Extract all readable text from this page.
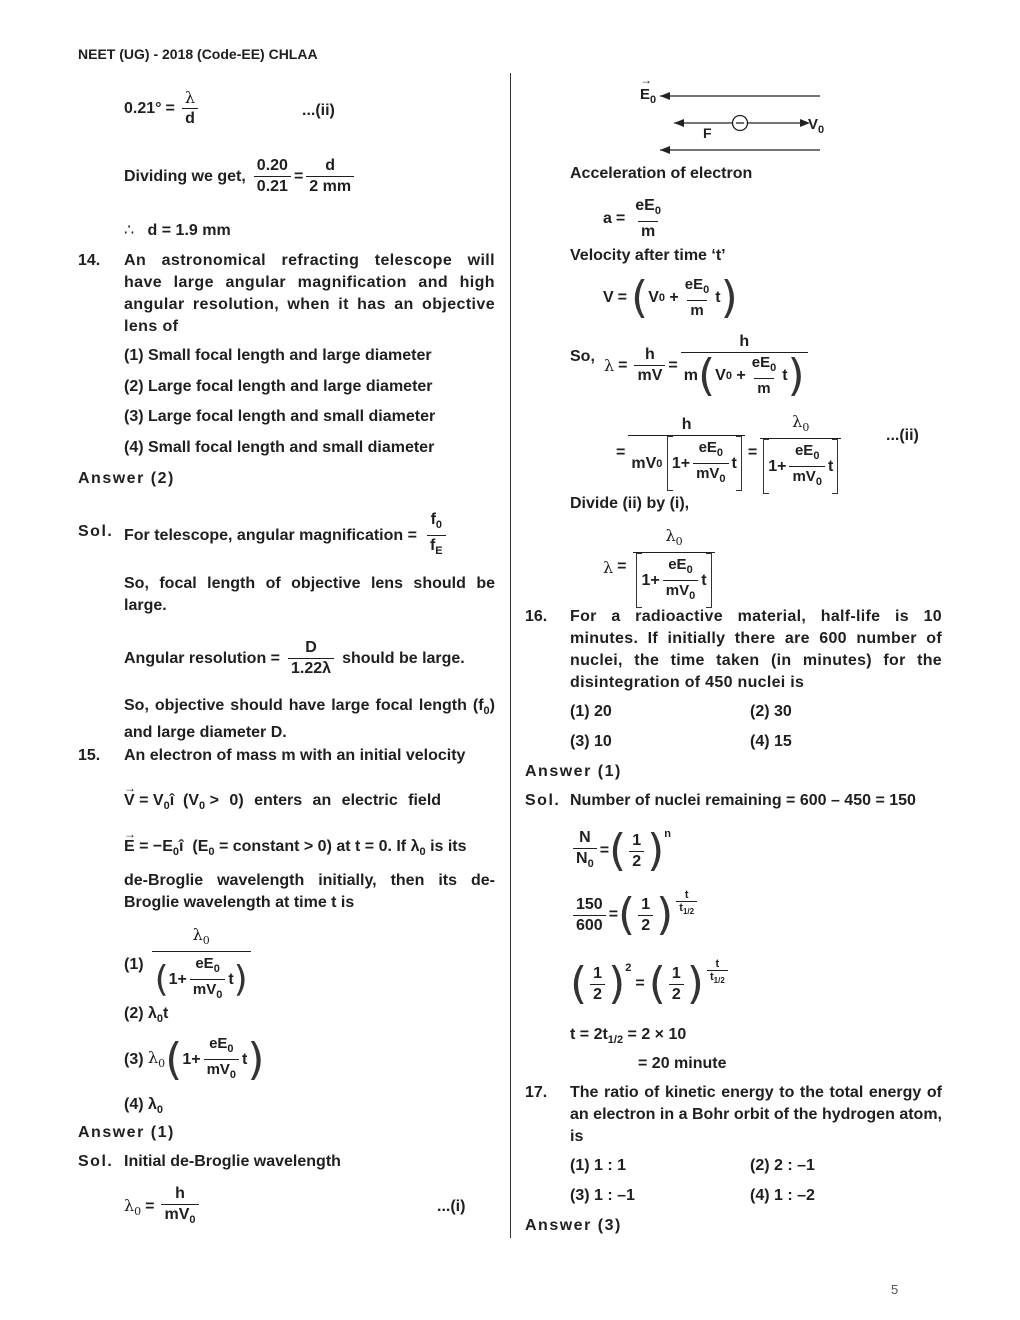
NEET (UG) - 2018 (Code-EE) CHLAA
$0.21^\circ = \frac{\lambda}{d}$	...(ii)
Dividing we get, $\frac{0.20}{0.21} = \frac{d}{2 mm}$
∴ d = 1.9 mm
14. An astronomical refracting telescope will have large angular magnification and high angular resolution, when it has an objective lens of
(1) Small focal length and large diameter
(2) Large focal length and large diameter
(3) Large focal length and small diameter
(4) Small focal length and small diameter
Answer (2)
Sol. For telescope, angular magnification = $\frac{f_0}{f_E}$
So, focal length of objective lens should be large.
Angular resolution = $\frac{D}{1.22\lambda}$ should be large.
So, objective should have large focal length $(f_0)$ and large diameter D.
15. An electron of mass m with an initial velocity
→ $V = V_0î$  $(V_0 > 0)$ enters an electric field
→ $E = -E_0î$  ($E_0$ = constant > 0) at t = 0. If $\lambda_0$ is its
de-Broglie wavelength initially, then its de-Broglie wavelength at time t is
$(1) \frac{\lambda_0}{( 1+ \frac{eE_0}{mV_0} t )}$
(2) $\lambda_0t$
(3)
$\lambda_0$ ( $1+ \frac{eE_0}{mV_0}$ t )
(4) $\lambda_0$
Answer (1)
Sol. Initial de-Broglie wavelength
$\lambda_0 = \frac{h}{mV_0}$	...(i)
→ $E_0$
F	$V_0$
Acceleration of electron
$a = \frac{eE_0}{m}$
Velocity after time ‘t’
V = ( V $0 + \frac{eE_0}{m}$ t )
So, $\lambda = \frac{h}{mV} = \frac{h}{m ( V 0 + \frac{eE_0}{m} t )}$
= h
mV 0
$1+ \frac{eE_0}{mV_0}$ $t = \frac{\lambda_0}{1+ \frac{eE_0}{mV_0} t}$	...(ii)
Divide (ii) by (i),
$\lambda = \frac{\lambda_0}{1+ \frac{eE_0}{mV_0} t}$
16. For a radioactive material, half-life is 10 minutes. If initially there are 600 number of nuclei, the time taken (in minutes) for the disintegration of 450 nuclei is
(1) 20	(2) 30
(3) 10	(4) 15
Answer (1)
Sol. Number of nuclei remaining = 600 – 450 = 150
$\frac{N}{N_0}$ = ( $\frac{1}{2} )^n$
$\frac{150}{600}$ = ( $\frac{1}{2}$ ) $\frac{t}{t_{1/2}}$
( $\frac{1}{2} )^2$
= ( $\frac{1}{2}$ ) $\frac{t}{t_{1/2}}$
$t = 2t_{1/2} = 2 \times 10$
= 20 minute
17. The ratio of kinetic energy to the total energy of an electron in a Bohr orbit of the hydrogen atom, is
(1) 1 : 1	(2) 2 : –1
(3) 1 : –1	(4) 1 : –2
Answer (3)
5
